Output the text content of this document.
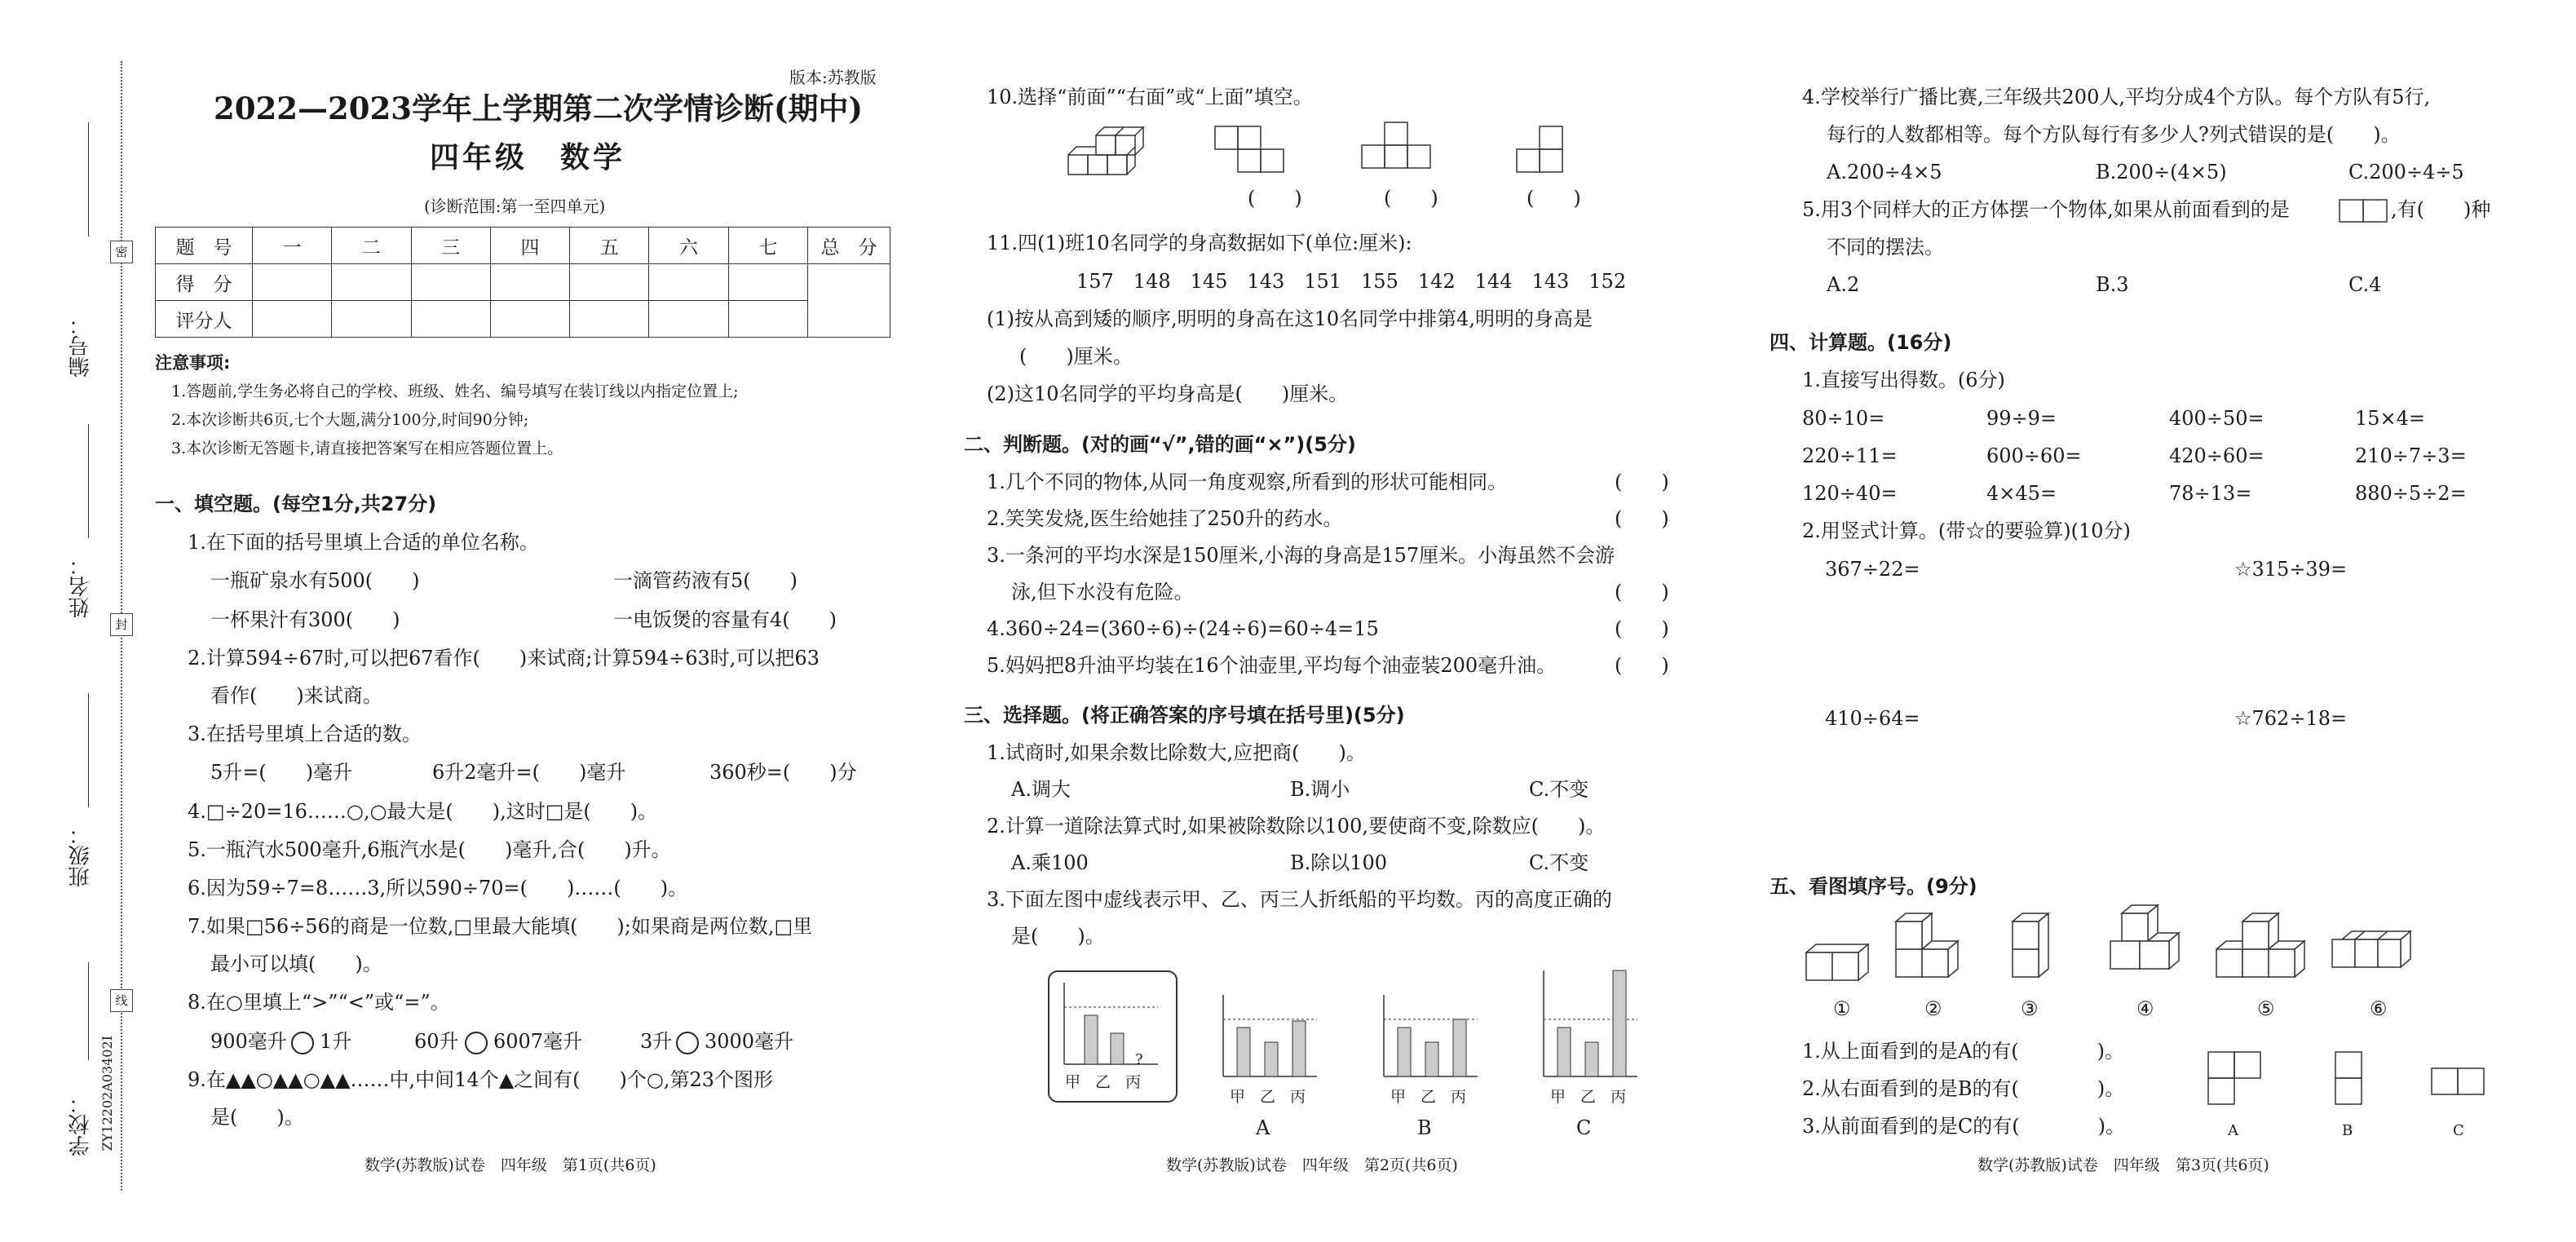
密
封
线
编号：
姓名：
班级：
学校： ZY12202A03402I
版本:苏教版
2022—2023学年上学期第二次学情诊断(期中)
四年级　数学
(诊断范围:第一至四单元)
题　号	一	二	三	四	五	六	七	总　分
得　分								
评分人								
注意事项:
1.答题前,学生务必将自己的学校、班级、姓名、编号填写在装订线以内指定位置上;
2.本次诊断共6页,七个大题,满分100分,时间90分钟;
3.本次诊断无答题卡,请直接把答案写在相应答题位置上。
一、填空题。(每空1分,共27分)
1.在下面的括号里填上合适的单位名称。
一瓶矿泉水有500(　　)	一滴管药液有5(　　)
一杯果汁有300(　　)	一电饭煲的容量有4(　　)
2.计算594÷67时,可以把67看作(　　)来试商;计算594÷63时,可以把63
看作(　　)来试商。
3.在括号里填上合适的数。
5升=(　　)毫升	6升2毫升=(　　)毫升	360秒=(　　)分
4.□÷20=16……○,○最大是(　　),这时□是(　　)。
5.一瓶汽水500毫升,6瓶汽水是(　　)毫升,合(　　)升。
6.因为59÷7=8……3,所以590÷70=(　　)……(　　)。
7.如果□56÷56的商是一位数,□里最大能填(　　);如果商是两位数,□里
最小可以填(　　)。
8.在○里填上“>”“<”或“=”。
900毫升 1升	60升 6007毫升	3升 3000毫升
9.在▲▲○▲▲○▲▲……中,中间14个▲之间有(　　)个○,第23个图形
是(　　)。
数学(苏教版)试卷　四年级　第1页(共6页)
10.选择“前面”“右面”或“上面”填空。
(　　)	(　　)	(　　)
11.四(1)班10名同学的身高数据如下(单位:厘米):
157　148　145　143　151　155　142　144　143　152
(1)按从高到矮的顺序,明明的身高在这10名同学中排第4,明明的身高是
(　　)厘米。
(2)这10名同学的平均身高是(　　)厘米。
二、判断题。(对的画“√”,错的画“×”)(5分)
1.几个不同的物体,从同一角度观察,所看到的形状可能相同。	(　　)
2.笑笑发烧,医生给她挂了250升的药水。	(　　)
3.一条河的平均水深是150厘米,小海的身高是157厘米。小海虽然不会游
泳,但下水没有危险。	(　　)
4.360÷24=(360÷6)÷(24÷6)=60÷4=15	(　　)
5.妈妈把8升油平均装在16个油壶里,平均每个油壶装200毫升油。	(　　)
三、选择题。(将正确答案的序号填在括号里)(5分)
1.试商时,如果余数比除数大,应把商(　　)。
A.调大	B.调小	C.不变
2.计算一道除法算式时,如果被除数除以100,要使商不变,除数应(　　)。
A.乘100	B.除以100	C.不变
3.下面左图中虚线表示甲、乙、丙三人折纸船的平均数。丙的高度正确的
是(　　)。
?
甲 乙 丙
甲 乙 丙
A
甲 乙 丙
B
甲 乙 丙
C
数学(苏教版)试卷　四年级　第2页(共6页)
4.学校举行广播比赛,三年级共200人,平均分成4个方队。每个方队有5行,
每行的人数都相等。每个方队每行有多少人?列式错误的是(　　)。
A.200÷4×5	B.200÷(4×5)	C.200÷4÷5
5.用3个同样大的正方体摆一个物体,如果从前面看到的是	,有(　　)种
不同的摆法。
A.2	B.3	C.4
四、计算题。(16分)
1.直接写出得数。(6分)
80÷10=	99÷9=	400÷50=	15×4=
220÷11=	600÷60=	420÷60=	210÷7÷3=
120÷40=	4×45=	78÷13=	880÷5÷2=
2.用竖式计算。(带☆的要验算)(10分)
367÷22=	☆315÷39=
410÷64=	☆762÷18=
五、看图填序号。(9分)
①	②	③	④	⑤	⑥
1.从上面看到的是A的有(　　　　)。
2.从右面看到的是B的有(　　　　)。
3.从前面看到的是C的有(　　　　)。	A	B	C
数学(苏教版)试卷　四年级　第3页(共6页)
